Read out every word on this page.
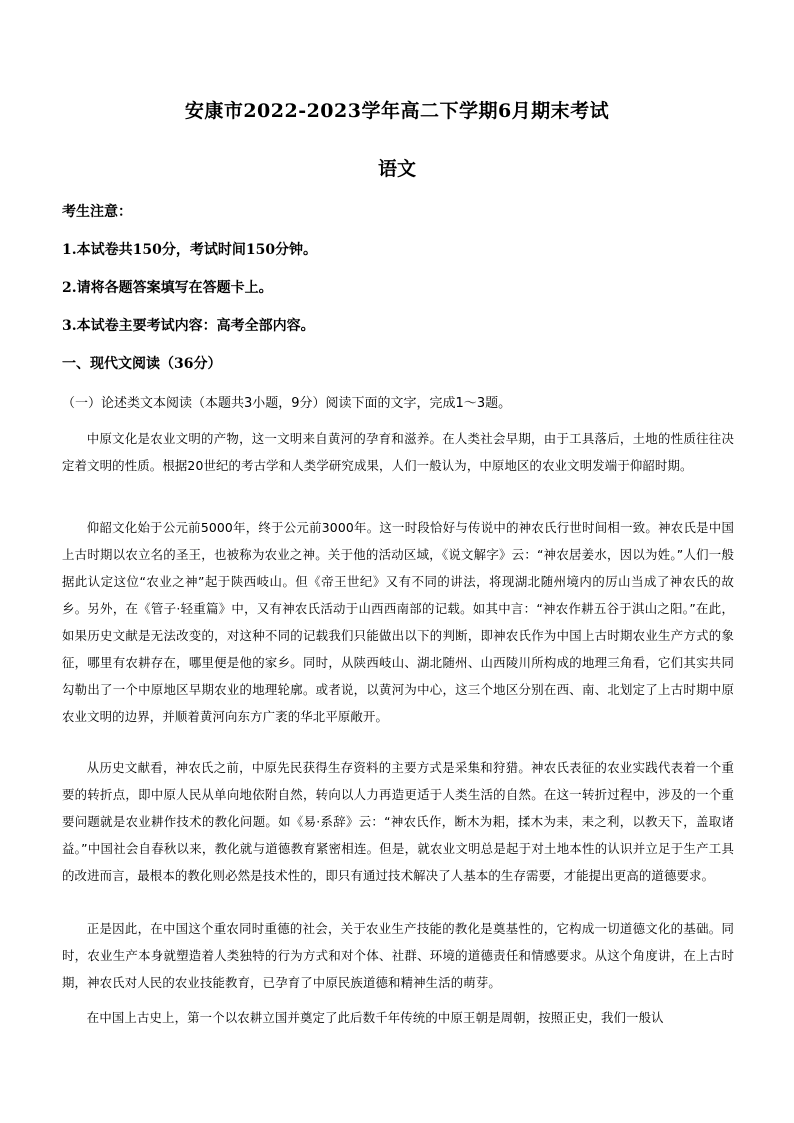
安康市2022-2023学年高二下学期6月期末考试
语文
考生注意：
1.本试卷共150分，考试时间150分钟。
2.请将各题答案填写在答题卡上。
3.本试卷主要考试内容：高考全部内容。
一、现代文阅读（36分）
（一）论述类文本阅读（本题共3小题，9分）阅读下面的文字，完成1～3题。
中原文化是农业文明的产物，这一文明来自黄河的孕育和滋养。在人类社会早期，由于工具落后，土地的性质往往决定着文明的性质。根据20世纪的考古学和人类学研究成果，人们一般认为，中原地区的农业文明发端于仰韶时期。
仰韶文化始于公元前5000年，终于公元前3000年。这一时段恰好与传说中的神农氏行世时间相一致。神农氏是中国上古时期以农立名的圣王，也被称为农业之神。关于他的活动区域，《说文解字》云：“神农居姜水，因以为姓。”人们一般据此认定这位“农业之神”起于陕西岐山。但《帝王世纪》又有不同的讲法，将现湖北随州境内的厉山当成了神农氏的故乡。另外，在《管子·轻重篇》中，又有神农氏活动于山西西南部的记载。如其中言：“神农作耕五谷于淇山之阳。”在此，如果历史文献是无法改变的，对这种不同的记载我们只能做出以下的判断，即神农氏作为中国上古时期农业生产方式的象征，哪里有农耕存在，哪里便是他的家乡。同时，从陕西岐山、湖北随州、山西陵川所构成的地理三角看，它们其实共同勾勒出了一个中原地区早期农业的地理轮廓。或者说，以黄河为中心，这三个地区分别在西、南、北划定了上古时期中原农业文明的边界，并顺着黄河向东方广袤的华北平原敞开。
从历史文献看，神农氏之前，中原先民获得生存资料的主要方式是采集和狩猎。神农氏表征的农业实践代表着一个重要的转折点，即中原人民从单向地依附自然，转向以人力再造更适于人类生活的自然。在这一转折过程中，涉及的一个重要问题就是农业耕作技术的教化问题。如《易·系辞》云：“神农氏作，断木为耜，揉木为耒，耒之利，以教天下，盖取诸益。”中国社会自春秋以来，教化就与道德教育紧密相连。但是，就农业文明总是起于对土地本性的认识并立足于生产工具的改进而言，最根本的教化则必然是技术性的，即只有通过技术解决了人基本的生存需要，才能提出更高的道德要求。
正是因此，在中国这个重农同时重德的社会，关于农业生产技能的教化是奠基性的，它构成一切道德文化的基础。同时，农业生产本身就塑造着人类独特的行为方式和对个体、社群、环境的道德责任和情感要求。从这个角度讲，在上古时期，神农氏对人民的农业技能教育，已孕育了中原民族道德和精神生活的萌芽。
在中国上古史上，第一个以农耕立国并奠定了此后数千年传统的中原王朝是周朝，按照正史，我们一般认
